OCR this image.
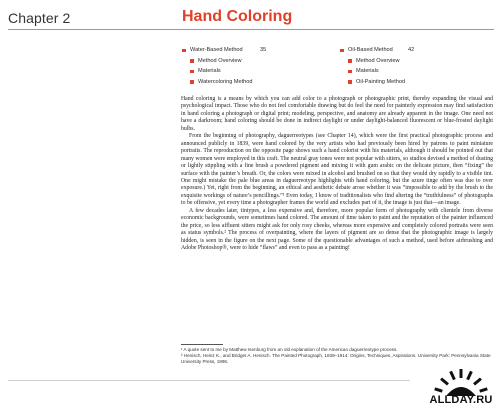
Chapter 2	Hand Coloring
Water-Based Method	35
Method Overview
Materials
Watercoloring Method
Oil-Based Method	42
Method Overview
Materials
Oil-Painting Method

Hand coloring is a means by which you can add color to a photograph or photographic print, thereby expanding the visual and psychological impact. Those who do not feel comfortable drawing but do feel the need for painterly expression may find satisfaction in hand coloring a photograph or digital print; modeling, perspective, and anatomy are already apparent in the image. One need not have a darkroom; hand coloring should be done in indirect daylight or under daylight-balanced fluorescent or blue-frosted daylight bulbs.

From the beginning of photography, daguerreotypes (see Chapter 14), which were the first practical photographic process and announced publicly in 1839, were hand colored by the very artists who had previously been hired by patrons to paint miniature portraits. The reproduction on the opposite page shows such a hand colorist with his materials, although it should be pointed out that many women were employed in this craft. The neutral gray tones were not popular with sitters, so studios devised a method of dusting or lightly stippling with a fine brush a powdered pigment and mixing it with gum arabic on the delicate picture, then “fixing” the surface with the painter’s breath. Or, the colors were mixed in alcohol and brushed on so that they would dry rapidly to a visible tint. One might mistake the pale blue areas in daguerreotype highlights with hand coloring, but the azure tinge often was due to over exposure.) Yet, right from the beginning, an ethical and aesthetic debate arose whether it was “impossible to add by the brush to the exquisite workings of nature’s pencillings.”¹ Even today, I know of traditionalists who find altering the “truthfulness” of photographs to be offensive, yet every time a photographer frames the world and excludes part of it, the image is just that—an image.

A few decades later, tintypes, a less expensive and, therefore, more popular form of photography with clientele from diverse economic backgrounds, were sometimes hand colored. The amount of time taken to paint and the reputation of the painter influenced the price, so less affluent sitters might ask for only rosy cheeks, whereas more expensive and completely colored portraits were seen as status symbols.² The process of overpainting, where the layers of pigment are so dense that the photographic image is largely hidden, is seen in the figure on the next page. Some of the questionable advantages of such a method, used before airbrushing and Adobe Photoshop®, were to hide “flaws” and even to pass as a painting!

¹ A quote sent to me by Matthew Isenburg from an old explanation of the American daguerreotype process.

² Henisch, Heinz K., and Bridget A. Henisch. The Painted Photograph, 1839–1914: Origins, Techniques, Aspirations. University Park: Pennsylvania State University Press, 1996.

ALLDAY.RU
